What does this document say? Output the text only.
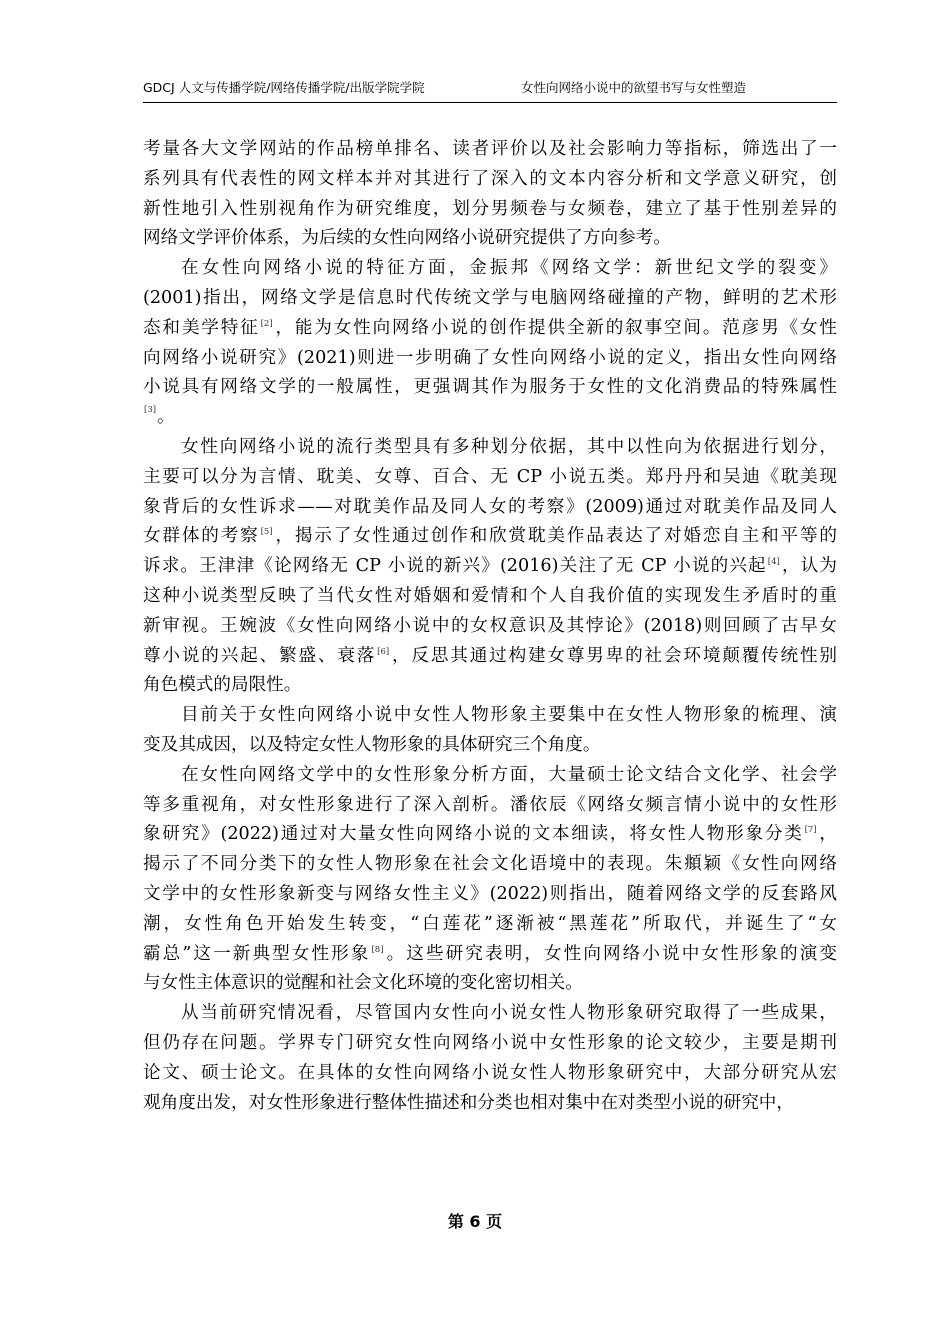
GDCJ 人文与传播学院/网络传播学院/出版学院学院	女性向网络小说中的欲望书写与女性塑造
考量各大文学网站的作品榜单排名、读者评价以及社会影响力等指标，筛选出了一
系列具有代表性的网文样本并对其进行了深入的文本内容分析和文学意义研究，创
新性地引入性别视角作为研究维度，划分男频卷与女频卷，建立了基于性别差异的
网络文学评价体系，为后续的女性向网络小说研究提供了方向参考。
在女性向网络小说的特征方面，金振邦《网络文学：新世纪文学的裂变》
(2001)指出，网络文学是信息时代传统文学与电脑网络碰撞的产物，鲜明的艺术形
态和美学特征[2]，能为女性向网络小说的创作提供全新的叙事空间。范彦男《女性
向网络小说研究》(2021)则进一步明确了女性向网络小说的定义，指出女性向网络
小说具有网络文学的一般属性，更强调其作为服务于女性的文化消费品的特殊属性
[3]。
女性向网络小说的流行类型具有多种划分依据，其中以性向为依据进行划分，
主要可以分为言情、耽美、女尊、百合、无 CP 小说五类。郑丹丹和吴迪《耽美现
象背后的女性诉求——对耽美作品及同人女的考察》(2009)通过对耽美作品及同人
女群体的考察[5]，揭示了女性通过创作和欣赏耽美作品表达了对婚恋自主和平等的
诉求。王津津《论网络无 CP 小说的新兴》(2016)关注了无 CP 小说的兴起[4]，认为
这种小说类型反映了当代女性对婚姻和爱情和个人自我价值的实现发生矛盾时的重
新审视。王婉波《女性向网络小说中的女权意识及其悖论》(2018)则回顾了古早女
尊小说的兴起、繁盛、衰落[6]，反思其通过构建女尊男卑的社会环境颠覆传统性别
角色模式的局限性。
目前关于女性向网络小说中女性人物形象主要集中在女性人物形象的梳理、演
变及其成因，以及特定女性人物形象的具体研究三个角度。
在女性向网络文学中的女性形象分析方面，大量硕士论文结合文化学、社会学
等多重视角，对女性形象进行了深入剖析。潘依辰《网络女频言情小说中的女性形
象研究》(2022)通过对大量女性向网络小说的文本细读，将女性人物形象分类[7]，
揭示了不同分类下的女性人物形象在社会文化语境中的表现。朱頫颖《女性向网络
文学中的女性形象新变与网络女性主义》(2022)则指出，随着网络文学的反套路风
潮，女性角色开始发生转变，“白莲花”逐渐被“黑莲花”所取代，并诞生了“女
霸总”这一新典型女性形象[8]。这些研究表明，女性向网络小说中女性形象的演变
与女性主体意识的觉醒和社会文化环境的变化密切相关。
从当前研究情况看，尽管国内女性向小说女性人物形象研究取得了一些成果，
但仍存在问题。学界专门研究女性向网络小说中女性形象的论文较少，主要是期刊
论文、硕士论文。在具体的女性向网络小说女性人物形象研究中，大部分研究从宏
观角度出发，对女性形象进行整体性描述和分类也相对集中在对类型小说的研究中，
第 6 页
